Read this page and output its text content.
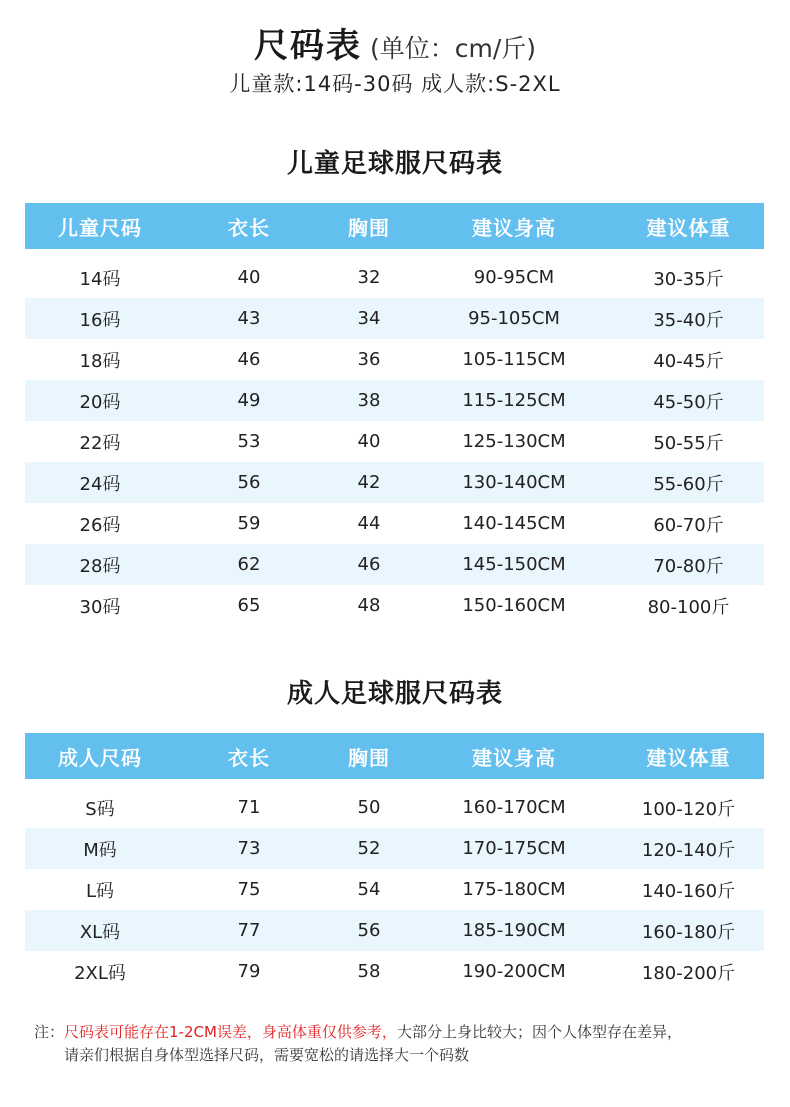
尺码表 (单位：cm/斤)
儿童款:14码-30码 成人款:S-2XL
儿童足球服尺码表
儿童尺码	衣长	胸围	建议身高	建议体重
14码	40	32	90-95CM	30-35斤
16码	43	34	95-105CM	35-40斤
18码	46	36	105-115CM	40-45斤
20码	49	38	115-125CM	45-50斤
22码	53	40	125-130CM	50-55斤
24码	56	42	130-140CM	55-60斤
26码	59	44	140-145CM	60-70斤
28码	62	46	145-150CM	70-80斤
30码	65	48	150-160CM	80-100斤
成人足球服尺码表
成人尺码	衣长	胸围	建议身高	建议体重
S码	71	50	160-170CM	100-120斤
M码	73	52	170-175CM	120-140斤
L码	75	54	175-180CM	140-160斤
XL码	77	56	185-190CM	160-180斤
2XL码	79	58	190-200CM	180-200斤
注：尺码表可能存在1-2CM误差，身高体重仅供参考，大部分上身比较大；因个人体型存在差异，
请亲们根据自身体型选择尺码，需要宽松的请选择大一个码数
